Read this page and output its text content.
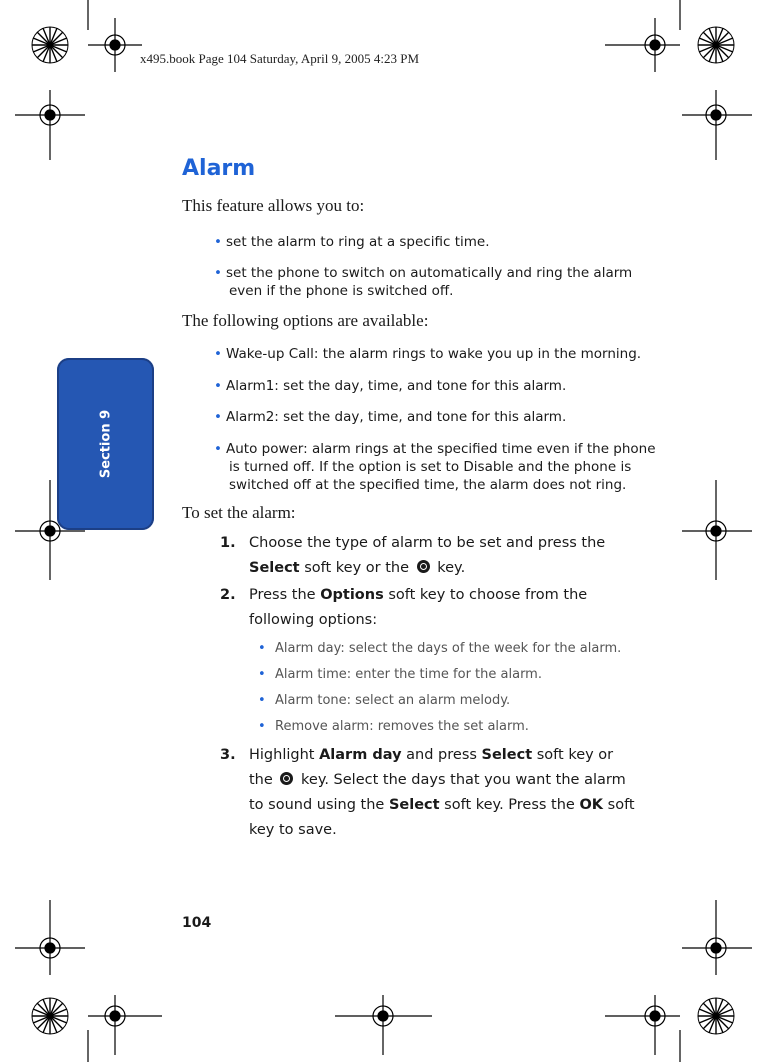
x495.book Page 104 Saturday, April 9, 2005 4:23 PM
Section 9
Alarm

This feature allows you to:

• set the alarm to ring at a specific time.

• set the phone to switch on automatically and ring the alarm even if the phone is switched off.

The following options are available:

• Wake-up Call: the alarm rings to wake you up in the morning.

• Alarm1: set the day, time, and tone for this alarm.

• Alarm2: set the day, time, and tone for this alarm.

• Auto power: alarm rings at the specified time even if the phone is turned off. If the option is set to Disable and the phone is switched off at the specified time, the alarm does not ring.

To set the alarm:

1. Choose the type of alarm to be set and press the Select soft key or the  key.
2. Press the Options soft key to choose from the following options:
• Alarm day: select the days of the week for the alarm.
• Alarm time: enter the time for the alarm.
• Alarm tone: select an alarm melody.
• Remove alarm: removes the set alarm.
3. Highlight Alarm day and press Select soft key or the  key. Select the days that you want the alarm to sound using the Select soft key. Press the OK soft key to save.
104
